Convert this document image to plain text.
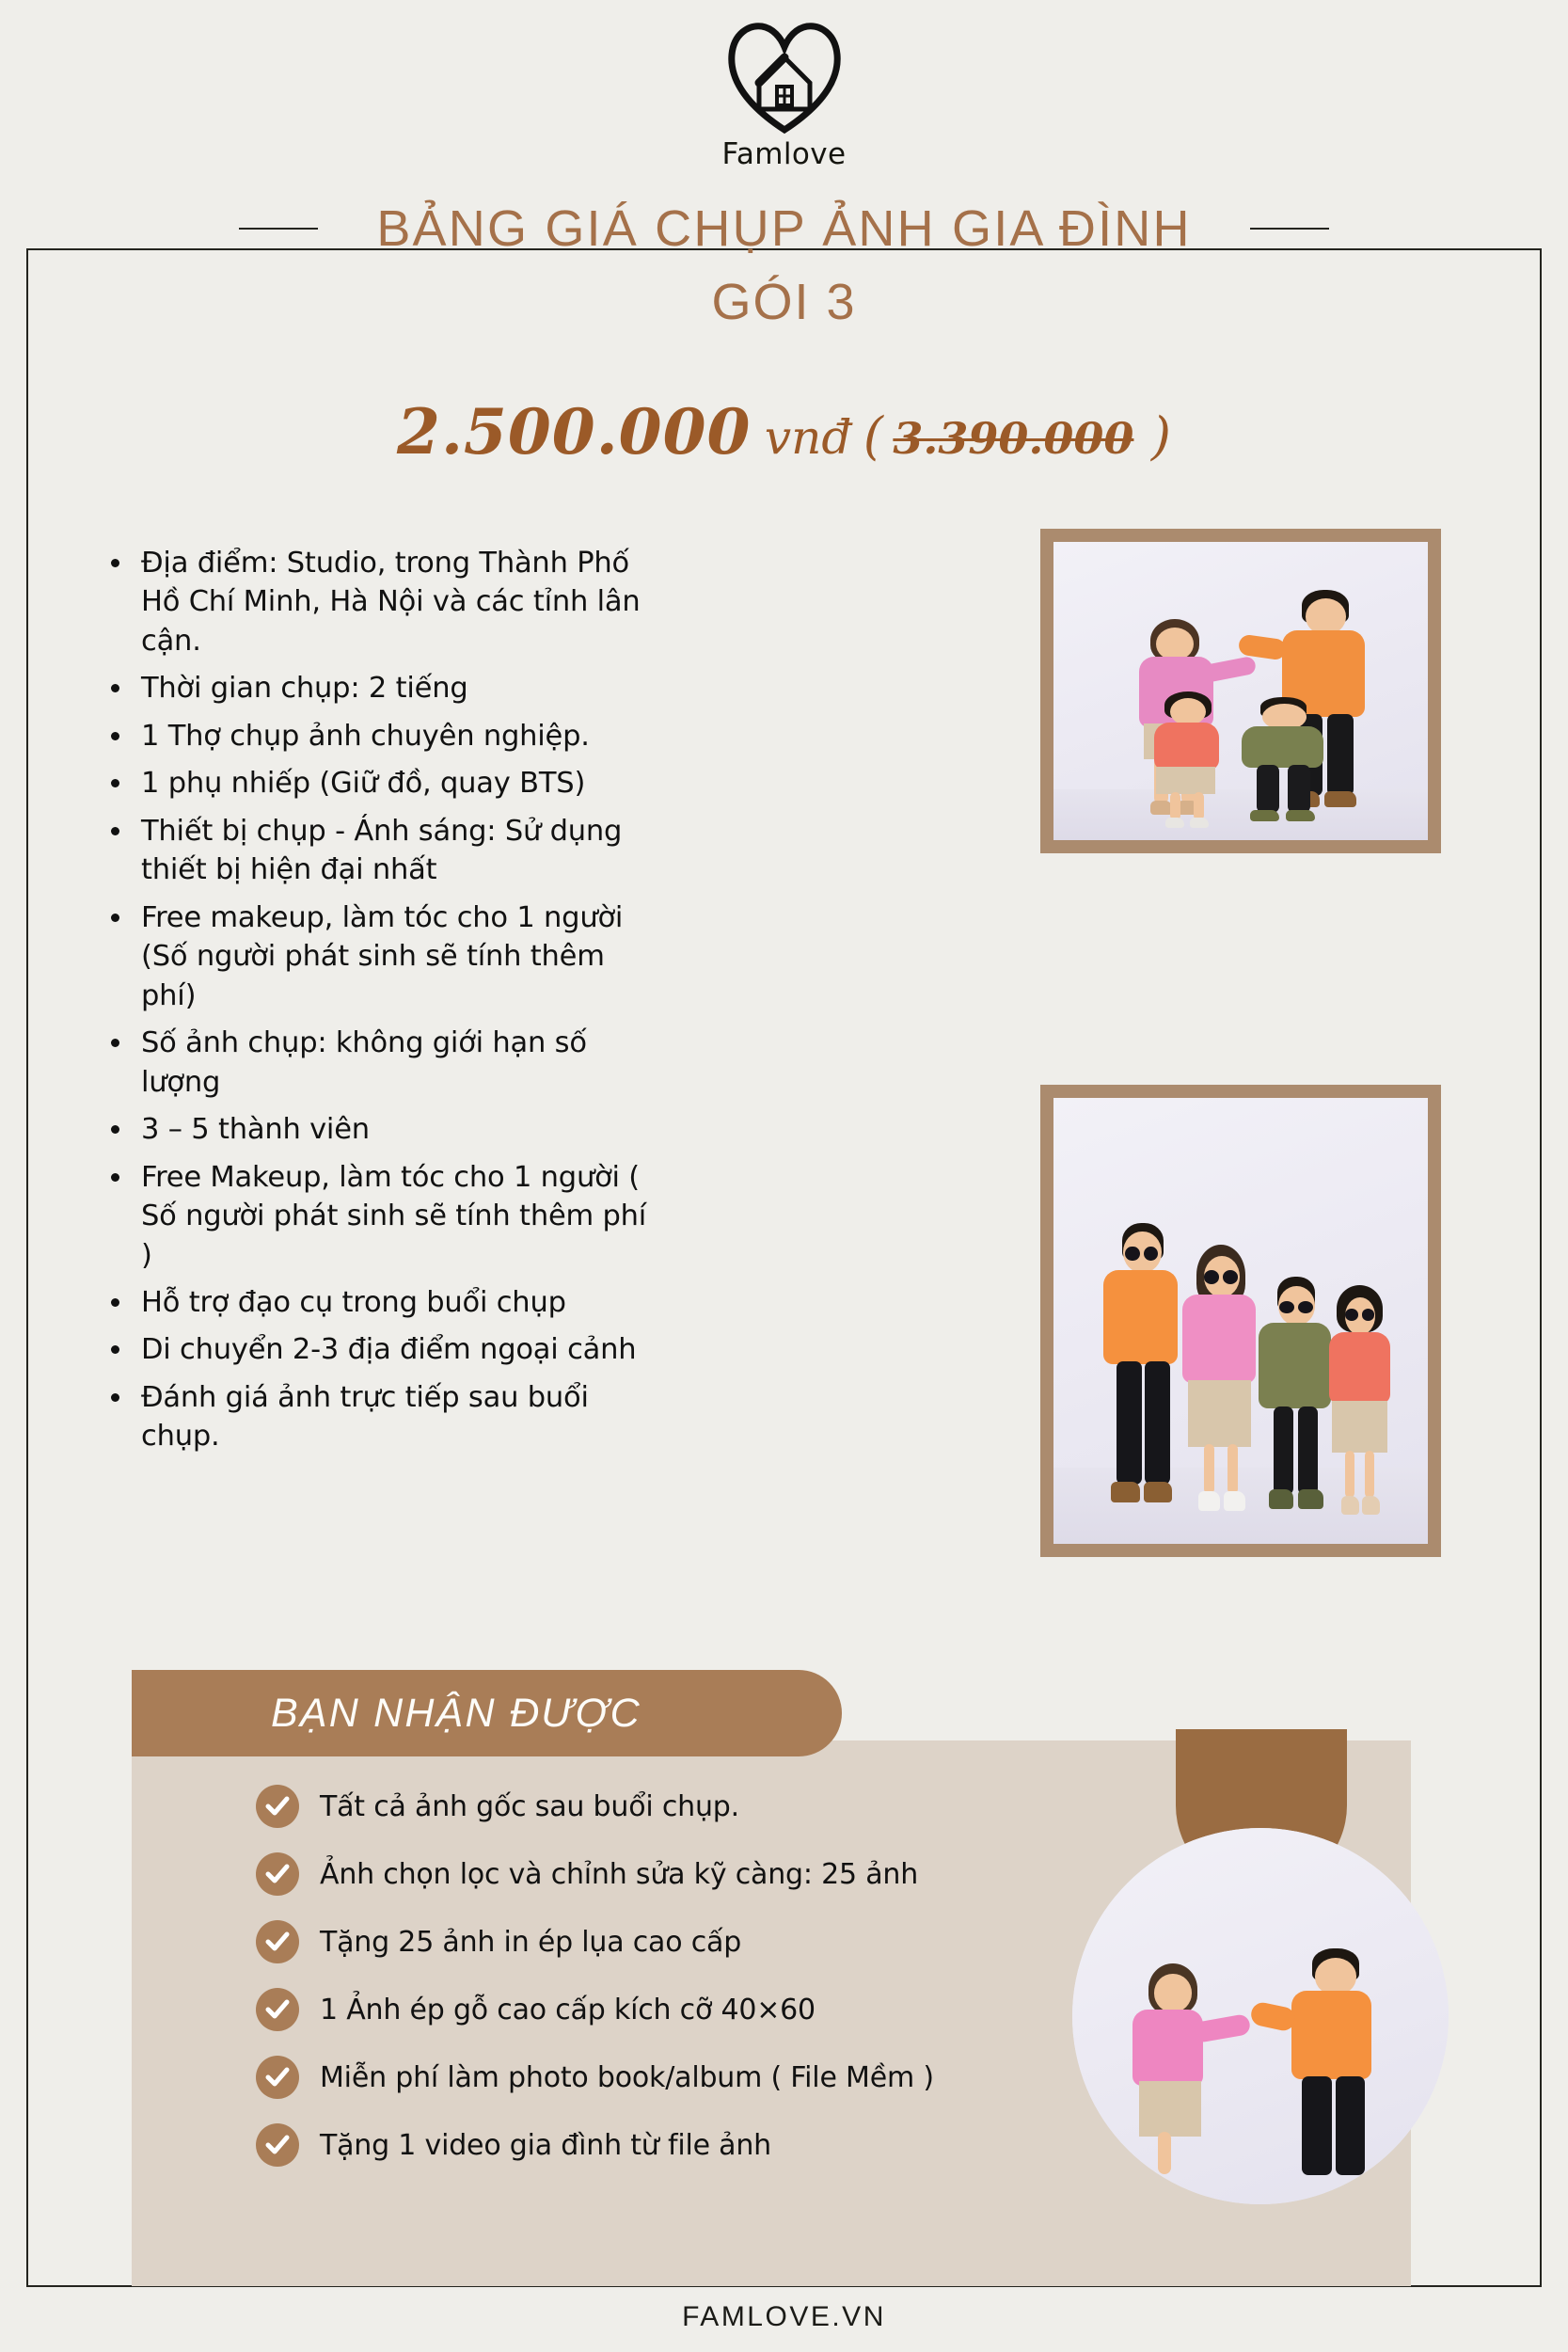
Famlove
BẢNG GIÁ CHỤP ẢNH GIA ĐÌNH
GÓI 3
2.500.000 vnđ ( 3.390.000 )
Địa điểm: Studio, trong Thành Phố Hồ Chí Minh, Hà Nội và các tỉnh lân cận.
Thời gian chụp: 2 tiếng
1 Thợ chụp ảnh chuyên nghiệp.
1 phụ nhiếp (Giữ đồ, quay BTS)
Thiết bị chụp - Ánh sáng: Sử dụng thiết bị hiện đại nhất
Free makeup, làm tóc cho 1 người (Số người phát sinh sẽ tính thêm phí)
Số ảnh chụp: không giới hạn số lượng
3 – 5 thành viên
Free Makeup, làm tóc cho 1 người ( Số người phát sinh sẽ tính thêm phí )
Hỗ trợ đạo cụ trong buổi chụp
Di chuyển 2-3 địa điểm ngoại cảnh
Đánh giá ảnh trực tiếp sau buổi chụp.
BẠN NHẬN ĐƯỢC
Tất cả ảnh gốc sau buổi chụp.
Ảnh chọn lọc và chỉnh sửa kỹ càng: 25 ảnh
Tặng 25 ảnh in ép lụa cao cấp
1 Ảnh ép gỗ cao cấp kích cỡ 40×60
Miễn phí làm photo book/album ( File Mềm )
Tặng 1 video gia đình từ file ảnh
FAMLOVE.VN
